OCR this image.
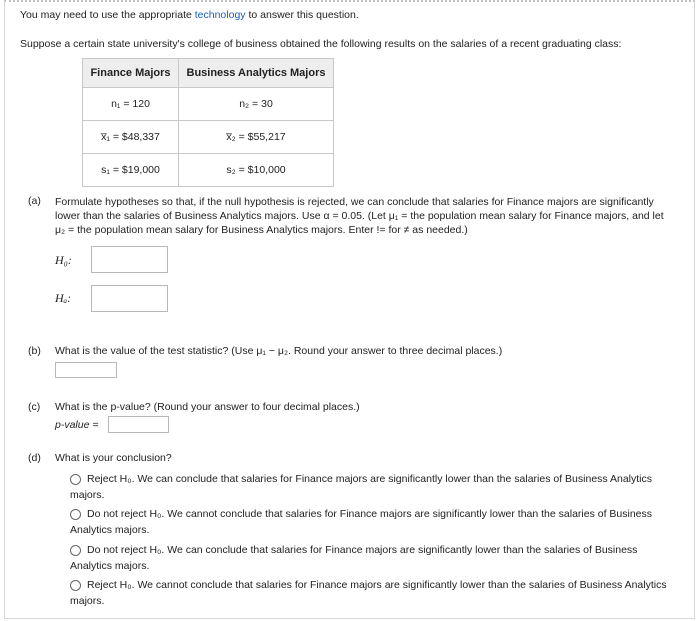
You may need to use the appropriate technology to answer this question.
Suppose a certain state university's college of business obtained the following results on the salaries of a recent graduating class:
Finance Majors	Business Analytics Majors
n₁ = 120	n₂ = 30
x̅₁ = $48,337	x̅₂ = $55,217
s₁ = $19,000	s₂ = $10,000
(a) Formulate hypotheses so that, if the null hypothesis is rejected, we can conclude that salaries for Finance majors are significantly lower than the salaries of Business Analytics majors. Use α = 0.05. (Let μ₁ = the population mean salary for Finance majors, and let μ₂ = the population mean salary for Business Analytics majors. Enter != for ≠ as needed.)
H₀:
Hₐ:
(b) What is the value of the test statistic? (Use μ₁ − μ₂. Round your answer to three decimal places.)
(c) What is the p-value? (Round your answer to four decimal places.)
p-value =
(d) What is your conclusion?
Reject H₀. We can conclude that salaries for Finance majors are significantly lower than the salaries of Business Analytics majors.
Do not reject H₀. We cannot conclude that salaries for Finance majors are significantly lower than the salaries of Business Analytics majors.
Do not reject H₀. We can conclude that salaries for Finance majors are significantly lower than the salaries of Business Analytics majors.
Reject H₀. We cannot conclude that salaries for Finance majors are significantly lower than the salaries of Business Analytics majors.
